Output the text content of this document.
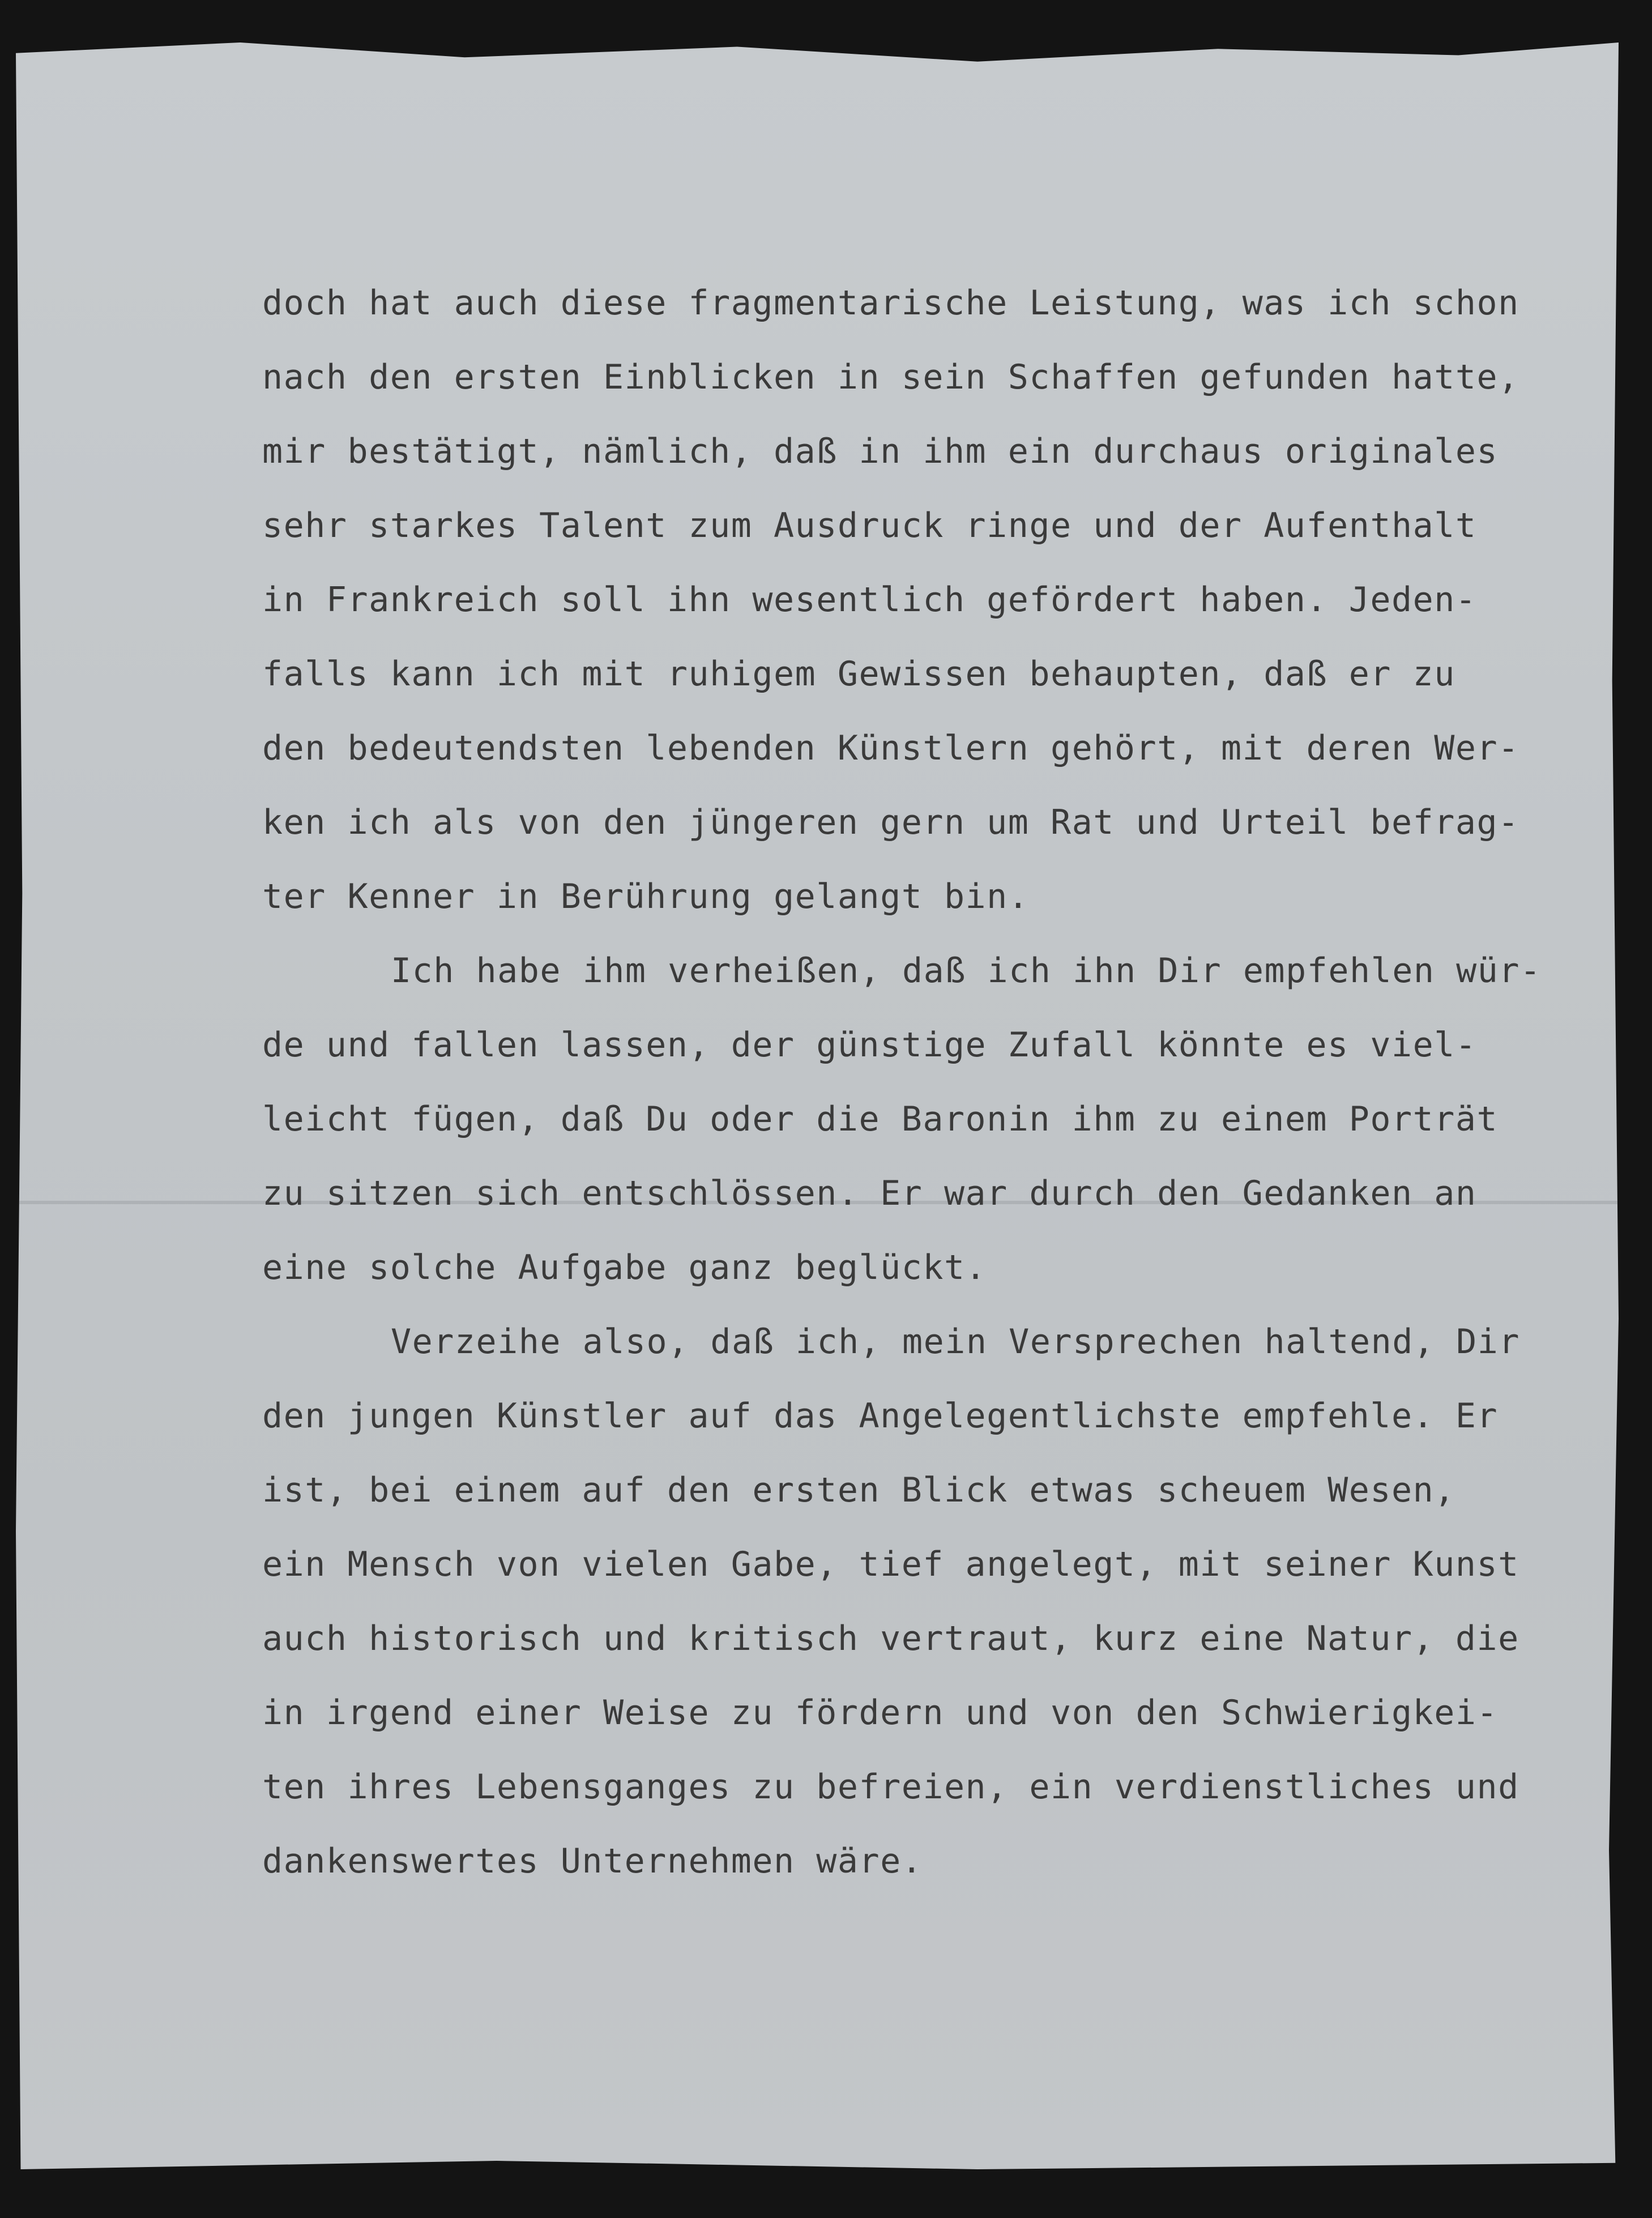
doch hat auch diese fragmentarische Leistung, was ich schon
nach den ersten Einblicken in sein Schaffen gefunden hatte,
mir bestätigt, nämlich, daß in ihm ein durchaus originales
sehr starkes Talent zum Ausdruck ringe und der Aufenthalt
in Frankreich soll ihn wesentlich gefördert haben. Jeden-
falls kann ich mit ruhigem Gewissen behaupten, daß er zu
den bedeutendsten lebenden Künstlern gehört, mit deren Wer-
ken ich als von den jüngeren gern um Rat und Urteil befrag-
ter Kenner in Berührung gelangt bin.
Ich habe ihm verheißen, daß ich ihn Dir empfehlen wür-
de und fallen lassen, der günstige Zufall könnte es viel-
leicht fügen, daß Du oder die Baronin ihm zu einem Porträt
zu sitzen sich entschlössen. Er war durch den Gedanken an
eine solche Aufgabe ganz beglückt.
Verzeihe also, daß ich, mein Versprechen haltend, Dir
den jungen Künstler auf das Angelegentlichste empfehle. Er
ist, bei einem auf den ersten Blick etwas scheuem Wesen,
ein Mensch von vielen Gabe, tief angelegt, mit seiner Kunst
auch historisch und kritisch vertraut, kurz eine Natur, die
in irgend einer Weise zu fördern und von den Schwierigkei-
ten ihres Lebensganges zu befreien, ein verdienstliches und
dankenswertes Unternehmen wäre.
